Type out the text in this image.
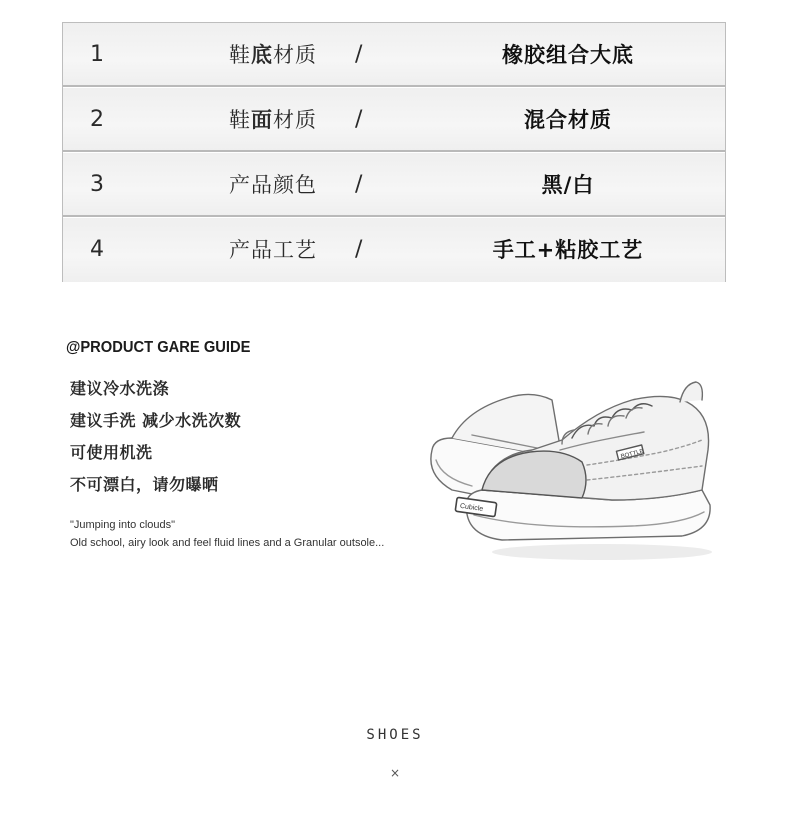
1	鞋底材质 /	橡胶组合大底
2	鞋面材质 /	混合材质
3	产品颜色 /	黑/白
4	产品工艺 /	手工+粘胶工艺
@PRODUCT GARE GUIDE
建议冷水洗涤
建议手洗 减少水洗次数
可使用机洗
不可漂白，请勿曝晒
"Jumping into clouds"
Old school, airy look and feel fluid lines and a Granular outsole...
BOTTLE
Cubicle
SHOES
×
